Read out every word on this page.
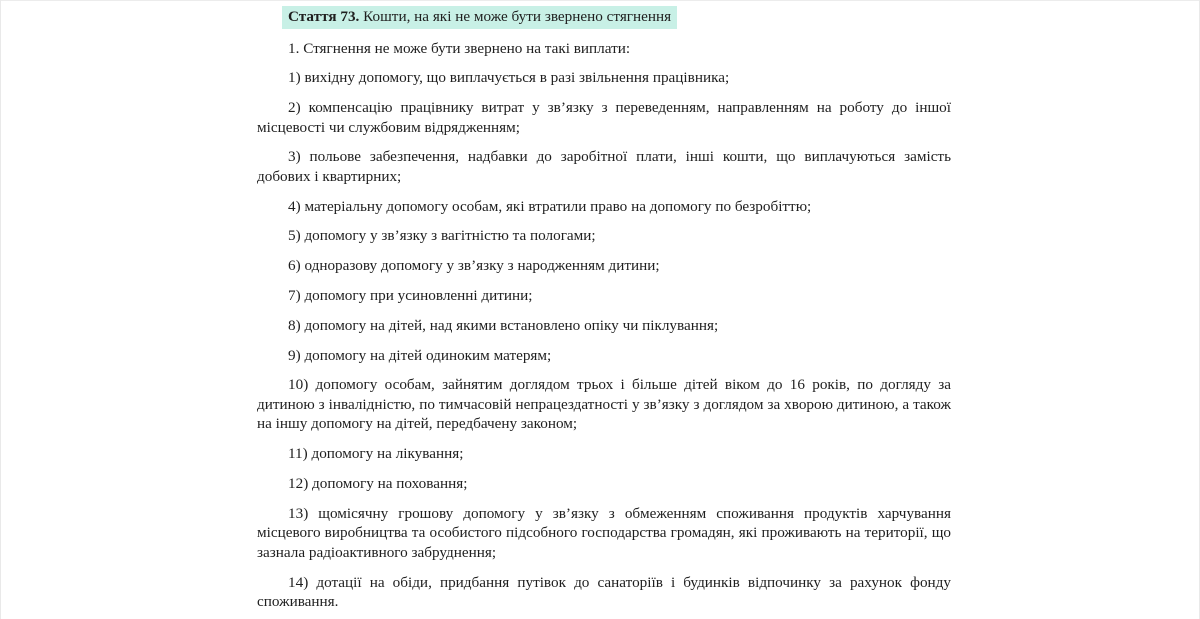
Стаття 73. Кошти, на які не може бути звернено стягнення

1. Стягнення не може бути звернено на такі виплати:

1) вихідну допомогу, що виплачується в разі звільнення працівника;

2) компенсацію працівнику витрат у зв’язку з переведенням, направленням на роботу до іншої місцевості чи службовим відрядженням;

3) польове забезпечення, надбавки до заробітної плати, інші кошти, що виплачуються замість добових і квартирних;

4) матеріальну допомогу особам, які втратили право на допомогу по безробіттю;

5) допомогу у зв’язку з вагітністю та пологами;

6) одноразову допомогу у зв’язку з народженням дитини;

7) допомогу при усиновленні дитини;

8) допомогу на дітей, над якими встановлено опіку чи піклування;

9) допомогу на дітей одиноким матерям;

10) допомогу особам, зайнятим доглядом трьох і більше дітей віком до 16 років, по догляду за дитиною з інвалідністю, по тимчасовій непрацездатності у зв’язку з доглядом за хворою дитиною, а також на іншу допомогу на дітей, передбачену законом;

11) допомогу на лікування;

12) допомогу на поховання;

13) щомісячну грошову допомогу у зв’язку з обмеженням споживання продуктів харчування місцевого виробництва та особистого підсобного господарства громадян, які проживають на території, що зазнала радіоактивного забруднення;

14) дотації на обіди, придбання путівок до санаторіїв і будинків відпочинку за рахунок фонду споживання.
